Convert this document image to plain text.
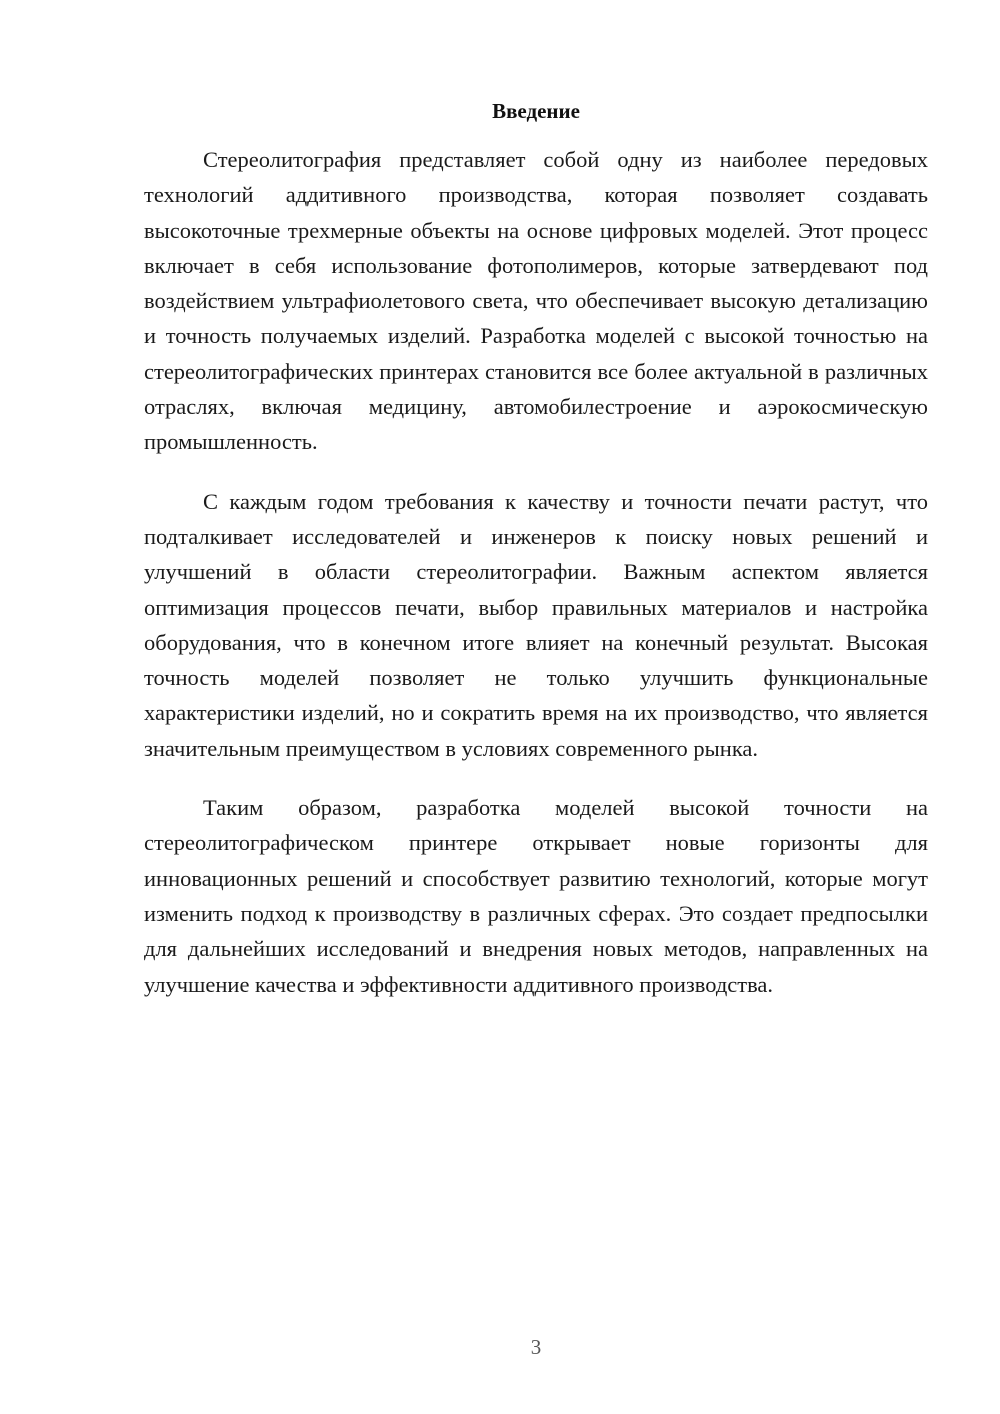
Введение

Стереолитография представляет собой одну из наиболее передовых технологий аддитивного производства, которая позволяет создавать высокоточные трехмерные объекты на основе цифровых моделей. Этот процесс включает в себя использование фотополимеров, которые затвердевают под воздействием ультрафиолетового света, что обеспечивает высокую детализацию и точность получаемых изделий. Разработка моделей с высокой точностью на стереолитографических принтерах становится все более актуальной в различных отраслях, включая медицину, автомобилестроение и аэрокосмическую промышленность.

С каждым годом требования к качеству и точности печати растут, что подталкивает исследователей и инженеров к поиску новых решений и улучшений в области стереолитографии. Важным аспектом является оптимизация процессов печати, выбор правильных материалов и настройка оборудования, что в конечном итоге влияет на конечный результат. Высокая точность моделей позволяет не только улучшить функциональные характеристики изделий, но и сократить время на их производство, что является значительным преимуществом в условиях современного рынка.

Таким образом, разработка моделей высокой точности на стереолитографическом принтере открывает новые горизонты для инновационных решений и способствует развитию технологий, которые могут изменить подход к производству в различных сферах. Это создает предпосылки для дальнейших исследований и внедрения новых методов, направленных на улучшение качества и эффективности аддитивного производства.

3
